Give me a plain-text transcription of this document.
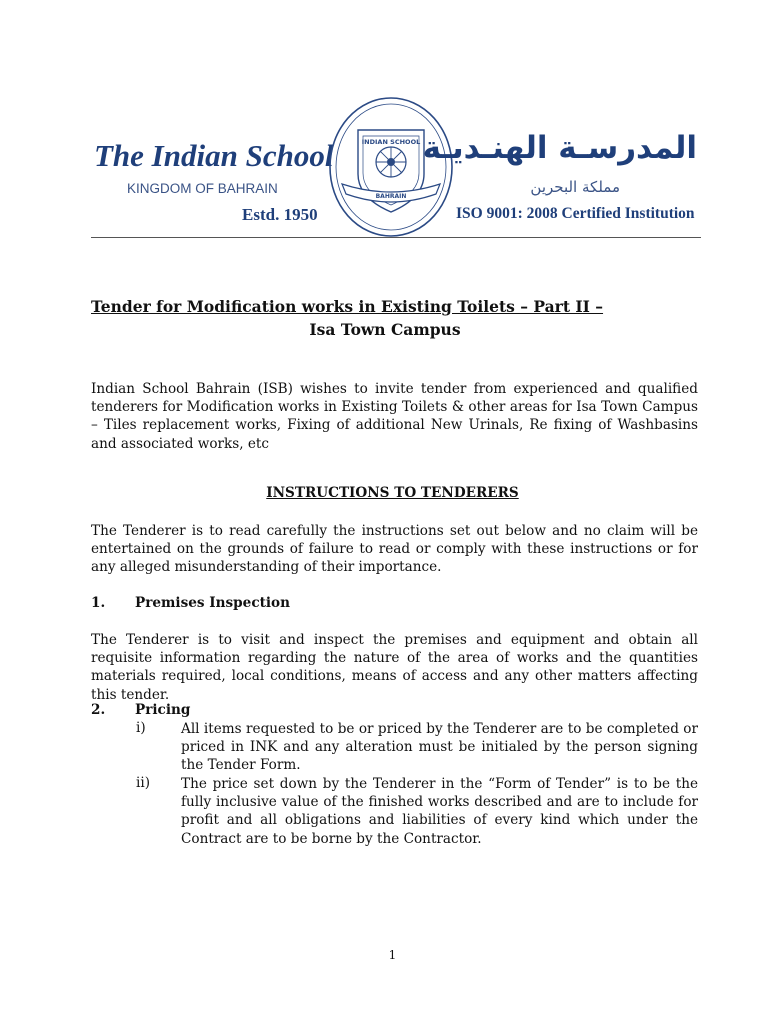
The Indian School
KINGDOM OF BAHRAIN
Estd. 1950
INDIAN SCHOOL
BAHRAIN
المدرسـة الهنـديـة
مملكة البحرين
ISO 9001: 2008 Certified Institution
Tender for Modification works in Existing Toilets – Part II –
Isa Town Campus

Indian School Bahrain (ISB) wishes to invite tender from experienced and qualified tenderers for Modification works in Existing Toilets & other areas for Isa Town Campus – Tiles replacement works, Fixing of additional New Urinals, Re fixing of Washbasins and associated works, etc

INSTRUCTIONS TO TENDERERS

The Tenderer is to read carefully the instructions set out below and no claim will be entertained on the grounds of failure to read or comply with these instructions or for any alleged misunderstanding of their importance.

1. Premises Inspection

The Tenderer is to visit and inspect the premises and equipment and obtain all requisite information regarding the nature of the area of works and the quantities materials required, local conditions, means of access and any other matters affecting this tender.

2. Pricing
i)	All items requested to be or priced by the Tenderer are to be completed or priced in INK and any alteration must be initialed by the person signing the Tender Form.
ii) The price set down by the Tenderer in the “Form of Tender” is to be the fully inclusive value of the finished works described and are to include for profit and all obligations and liabilities of every kind which under the Contract are to be borne by the Contractor.
1
